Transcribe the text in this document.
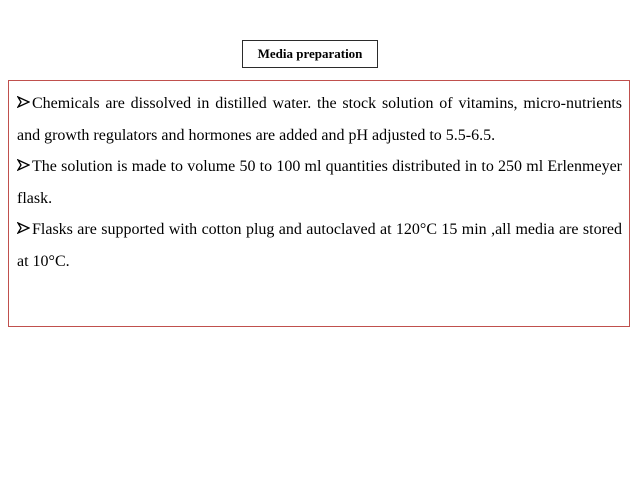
Media preparation

Chemicals are dissolved in distilled water. the stock solution of vitamins, micro-nutrients and growth regulators and hormones are added and pH adjusted to 5.5-6.5.

The solution is made to volume 50 to 100 ml quantities distributed in to 250 ml Erlenmeyer flask.

Flasks are supported with cotton plug and autoclaved at 120°C 15 min ,all media are stored at 10°C.
